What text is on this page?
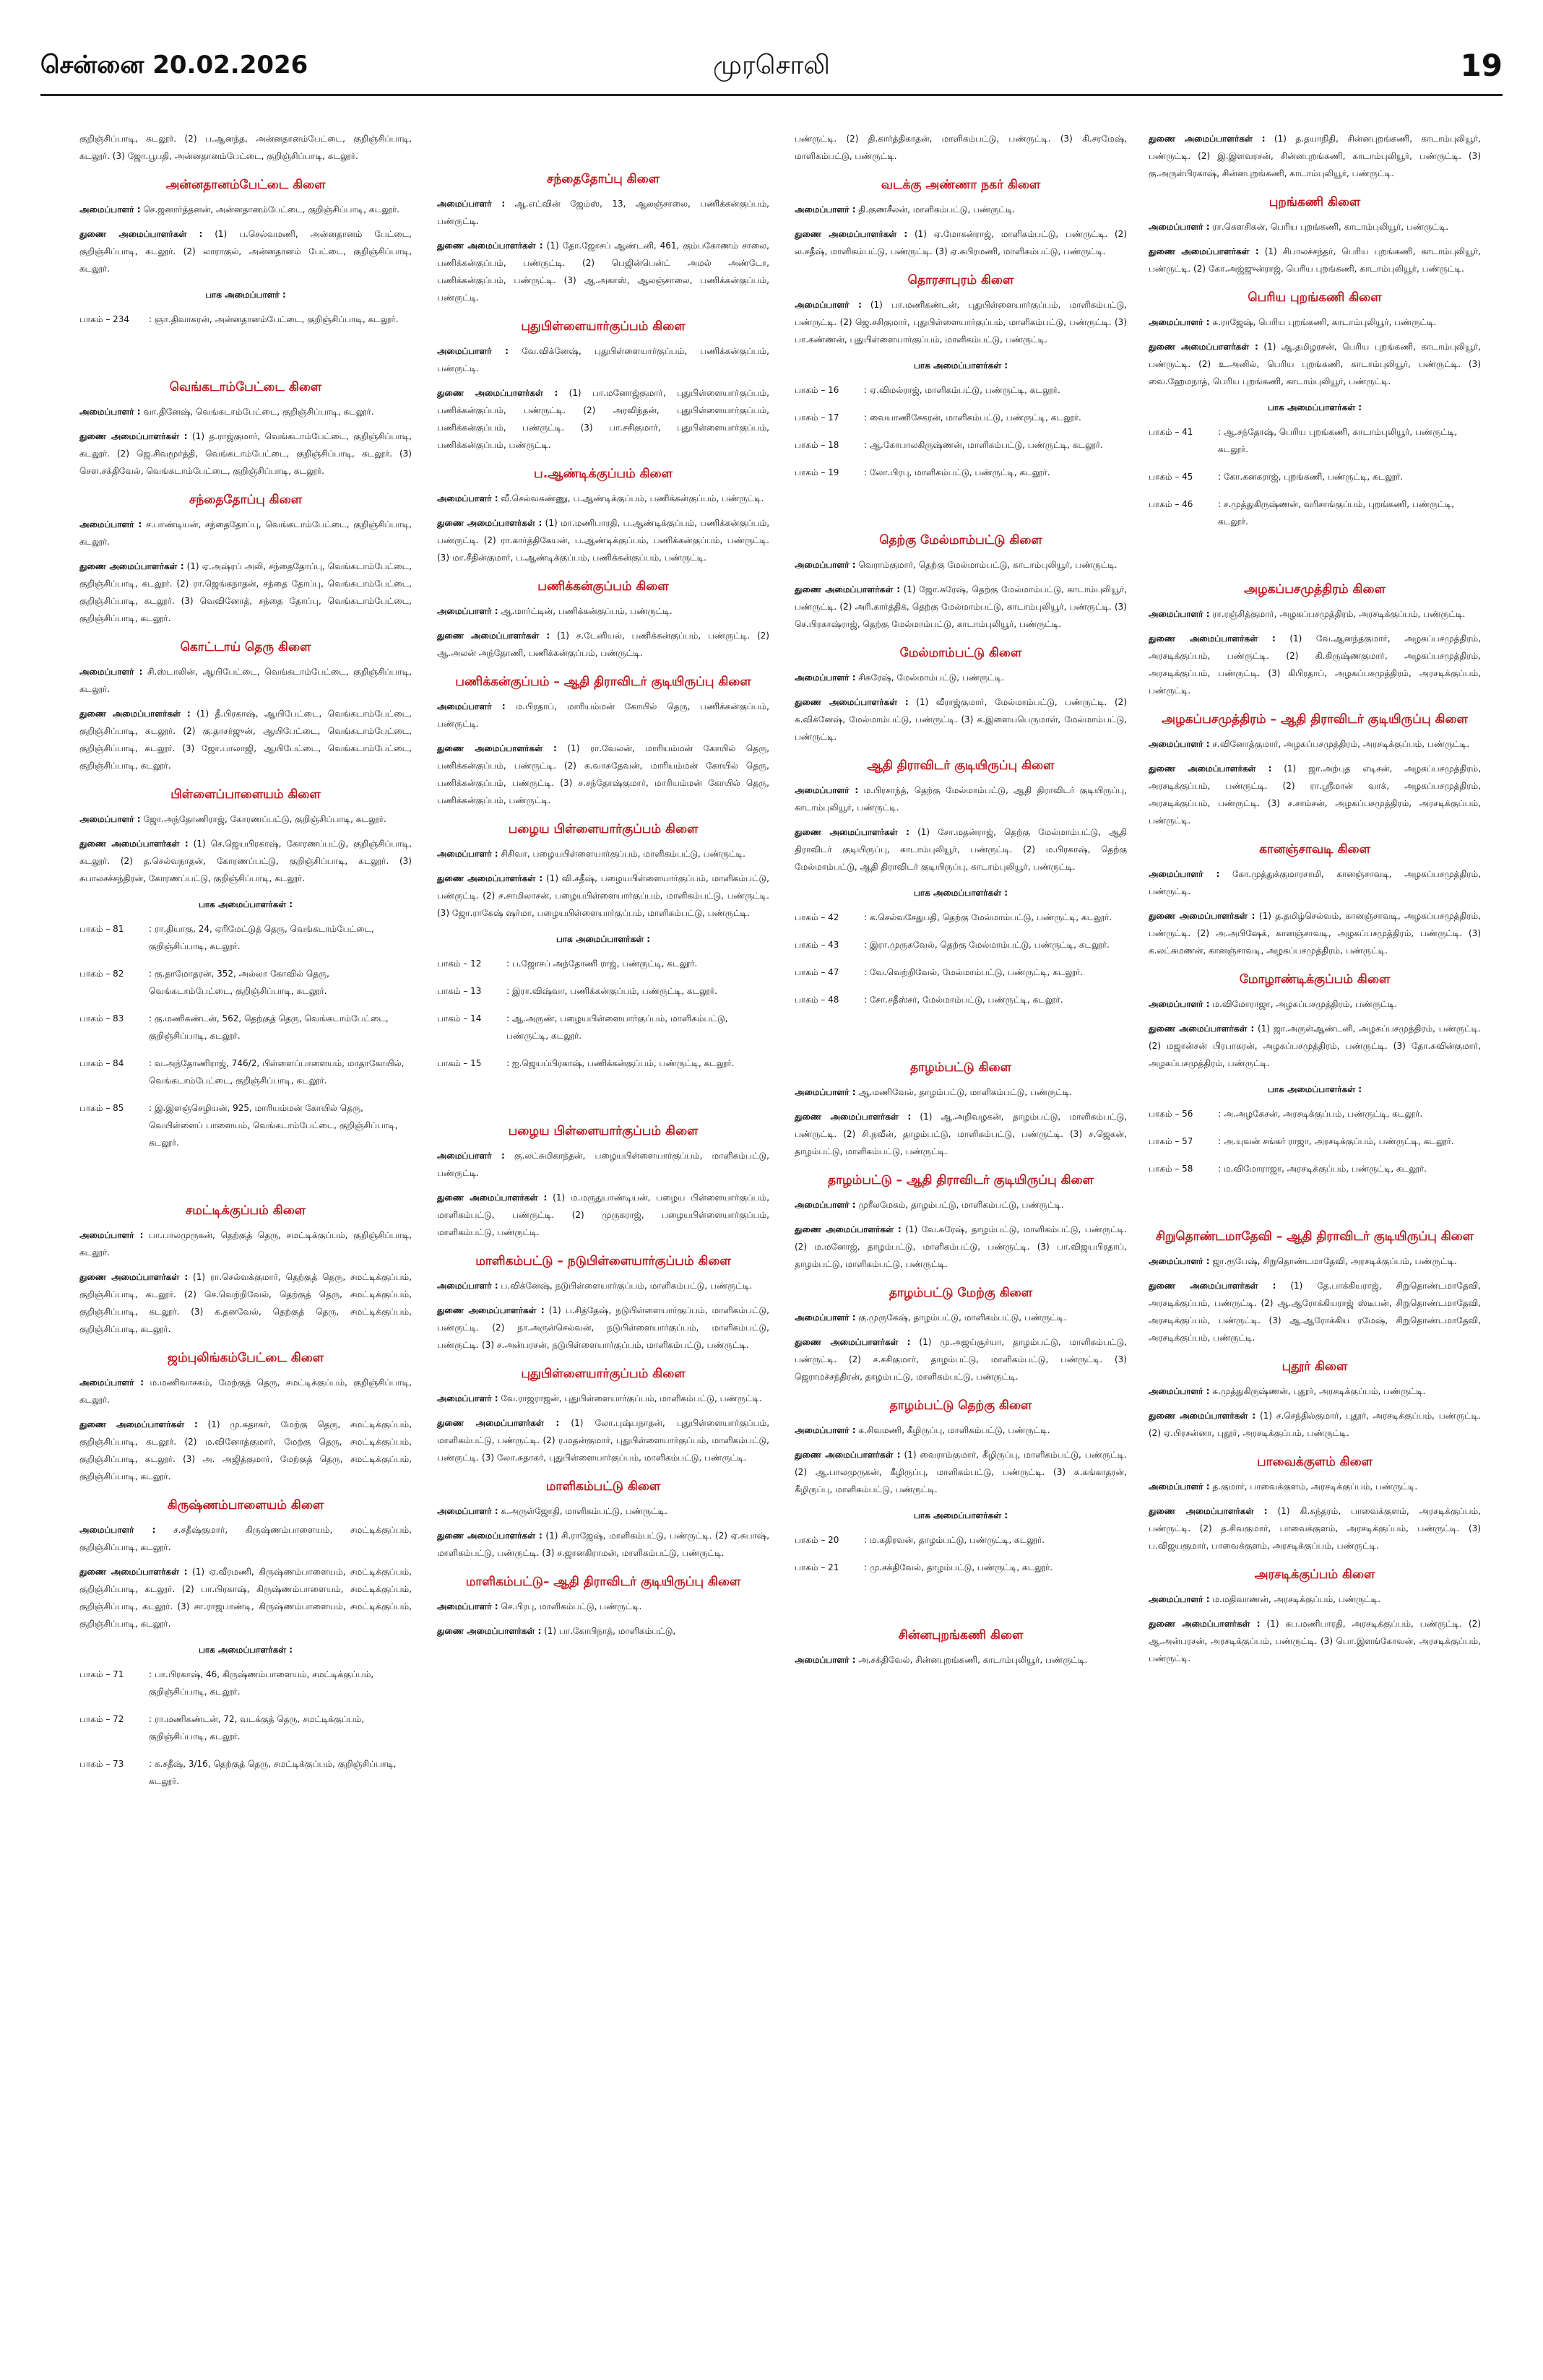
சென்னை 20.02.2026	முரசொலி	19

குறிஞ்சிப்பாடி, கடலூர். (2) ப.ஆனந்த, அன்னதானம்பேட்டை, குறிஞ்சிப்பாடி, கடலூர். (3) ஜோ.பூபதி, அன்னதானம்பேட்டை, குறிஞ்சிப்பாடி, கடலூர்.

அன்னதானம்பேட்டை கிளை

அமைப்பாளர் : செ.ஜனார்த்தனன், அன்னதானம்பேட்டை, குறிஞ்சிப்பாடி, கடலூர்.

துணை அமைப்பாளர்கள் : (1) ப.செல்வமணி, அன்னதானம் பேட்டை, குறிஞ்சிப்பாடி, கடலூர். (2) லாராகுல், அன்னதானம் பேட்டை, குறிஞ்சிப்பாடி, கடலூர்.

பாக அமைப்பாளர் :
பாகம் – 234	: ஞா.திவாகரன், அன்னதானம்பேட்டை, குறிஞ்சிப்பாடி, கடலூர்.
வெங்கடாம்பேட்டை கிளை

அமைப்பாளர் : வா.தினேஷ், வெங்கடாம்பேட்டை, குறிஞ்சிப்பாடி, கடலூர்.

துணை அமைப்பாளர்கள் : (1) த.ராஜ்குமார், வெங்கடாம்பேட்டை, குறிஞ்சிப்பாடி, கடலூர். (2) ஜெ.சிவமூர்த்தி, வெங்கடாம்பேட்டை, குறிஞ்சிப்பாடி, கடலூர். (3) சௌ.சக்திவேல், வெங்கடாம்பேட்டை, குறிஞ்சிப்பாடி, கடலூர்.

சந்தைதோப்பு கிளை

அமைப்பாளர் : ச.பாண்டியன், சந்தைதோப்பு, வெங்கடாம்பேட்டை, குறிஞ்சிப்பாடி, கடலூர்.

துணை அமைப்பாளர்கள் : (1) ஏ.அஷ்ரப் அலி, சந்தைதோப்பு, வெங்கடாம்பேட்டை, குறிஞ்சிப்பாடி, கடலூர். (2) ரா.ஜெங்கநாதன், சந்தை தோப்பு, வெங்கடாம்பேட்டை, குறிஞ்சிப்பாடி, கடலூர். (3) வெவினோத், சந்தை தோப்பு, வெங்கடாம்பேட்டை, குறிஞ்சிப்பாடி, கடலூர்.

கொட்டாய் தெரு கிளை

அமைப்பாளர் : சி.ஸ்டாலின், ஆயிபேட்டை, வெங்கடாம்பேட்டை, குறிஞ்சிப்பாடி, கடலூர்.

துணை அமைப்பாளர்கள் : (1) தீ.பிரகாஷ், ஆயிபேட்டை, வெங்கடாம்பேட்டை, குறிஞ்சிப்பாடி, கடலூர். (2) கு.தாசர்ஜுன், ஆயிபேட்டை, வெங்கடாம்பேட்டை, குறிஞ்சிப்பாடி, கடலூர். (3) ஜோ.பாலாஜி, ஆயிபேட்டை, வெங்கடாம்பேட்டை, குறிஞ்சிப்பாடி, கடலூர்.

பிள்ளைப்பாளையம் கிளை

அமைப்பாளர் : ஜோ.அந்தோணிராஜ், கோரணப்பட்டு, குறிஞ்சிப்பாடி, கடலூர்.

துணை அமைப்பாளர்கள் : (1) செ.ஜெயபிரகாஷ், கோரணப்பட்டு, குறிஞ்சிப்பாடி, கடலூர். (2) த.செல்வநாதன், கோரணப்பட்டு, குறிஞ்சிப்பாடி, கடலூர். (3) சுபாலசச்சந்திரன், கோரணப்பட்டு, குறிஞ்சிப்பாடி, கடலூர்.

பாக அமைப்பாளர்கள் :
பாகம் – 81	: ரா.தியாகு, 24, ஏரிமேட்டுத் தெரு, வெங்கடாம்பேட்டை, குறிஞ்சிப்பாடி, கடலூர்.
பாகம் – 82	: கு.தாமோதரன், 352, அல்லா கோவில் தெரு, வெங்கடாம்பேட்டை, குறிஞ்சிப்பாடி, கடலூர்.
பாகம் – 83	: கு.மணிகண்டன், 562, தெற்குத் தெரு, வெங்கடாம்பேட்டை, குறிஞ்சிப்பாடி, கடலூர்.
பாகம் – 84	: வ.அந்தோணிராஜ், 746/2, பிள்ளைப்பாளையம், மாதாகோயில், வெங்கடாம்பேட்டை, குறிஞ்சிப்பாடி, கடலூர்.
பாகம் – 85	: இ.இளஞ்செழியன், 925, மாரியம்மன் கோயில் தெரு, வெயிள்ளைப் பாளையம், வெங்கடாம்பேட்டை, குறிஞ்சிப்பாடி, கடலூர்.
சமட்டிக்குப்பம் கிளை

அமைப்பாளர் : பா.பாலமுருகன், தெற்குத் தெரு, சமட்டிக்குப்பம், குறிஞ்சிப்பாடி, கடலூர்.

துணை அமைப்பாளர்கள் : (1) ரா.செல்வக்குமார், தெற்குத் தெரு, சமட்டிக்குப்பம், குறிஞ்சிப்பாடி, கடலூர். (2) செ.வெற்றிவேல், தெற்குத் தெரு, சமட்டிக்குப்பம், குறிஞ்சிப்பாடி, கடலூர். (3) க.தனவேல், தெற்குத் தெரு, சமட்டிக்குப்பம், குறிஞ்சிப்பாடி, கடலூர்.

ஜம்புலிங்கம்பேட்டை கிளை

அமைப்பாளர் : ம.மணிவாசகம், மேற்குத் தெரு, சமட்டிக்குப்பம், குறிஞ்சிப்பாடி, கடலூர்.

துணை அமைப்பாளர்கள் : (1) மு.சுதாகர், மேற்கு தெரு, சமட்டிக்குப்பம், குறிஞ்சிப்பாடி, கடலூர். (2) ம.வினோத்குமார், மேற்கு தெரு, சமட்டிக்குப்பம், குறிஞ்சிப்பாடி, கடலூர். (3) அ. அஜித்குமார், மேற்குத் தெரு, சமட்டிக்குப்பம், குறிஞ்சிப்பாடி, கடலூர்.

கிருஷ்ணம்பாளையம் கிளை

அமைப்பாளர் : ச.சதீஷ்குமார், கிருஷ்ணம்பாளையம், சமட்டிக்குப்பம், குறிஞ்சிப்பாடி, கடலூர்.

துணை அமைப்பாளர்கள் : (1) ஏ.வீரமணி, கிருஷ்ணம்பாளையம், சமட்டிக்குப்பம், குறிஞ்சிப்பாடி, கடலூர். (2) பா.பிரகாஷ், கிருஷ்ணம்பாளையம், சமட்டிக்குப்பம், குறிஞ்சிப்பாடி, கடலூர். (3) சா.ராஜபாண்டி, கிருஷ்ணம்பாளையம், சமட்டிக்குப்பம், குறிஞ்சிப்பாடி, கடலூர்.

பாக அமைப்பாளர்கள் :
பாகம் – 71	: பா.பிரகாஷ், 46, கிருஷ்ணம்பாளையம், சமட்டிக்குப்பம், குறிஞ்சிப்பாடி, கடலூர்.
பாகம் – 72	: ரா.மணிகண்டன், 72, வடக்குத் தெரு, சமட்டிக்குப்பம், குறிஞ்சிப்பாடி, கடலூர்.
பாகம் – 73	: க.சதீஷ், 3/16, தெற்குத் தெரு, சமட்டிக்குப்பம், குறிஞ்சிப்பாடி, கடலூர்.
சந்தைதோப்பு கிளை

அமைப்பாளர் : ஆ.எட்வின் ஜேம்ஸ், 13, ஆலஞ்சாலை, பணிக்கன்குப்பம், பண்ருட்டி.

துணை அமைப்பாளர்கள் : (1) தோ.ஜோசப் ஆண்டனி, 461, கும்பகோணம் சாலை, பணிக்கன்குப்பம், பண்ருட்டி. (2) பெஜின்பென்ட் அமல் அண்டோ, பணிக்கன்குப்பம், பண்ருட்டி. (3) ஆ.அகாஸ், ஆலஞ்சாலை, பணிக்கன்குப்பம், பண்ருட்டி.

புதுபிள்ளையார்குப்பம் கிளை

அமைப்பாளர் : வே.விக்னேஷ், புதுபிள்ளையார்குப்பம், பணிக்கன்குப்பம், பண்ருட்டி.

துணை அமைப்பாளர்கள் : (1) பா.மனோஜ்குமார், புதுபிள்ளையார்குப்பம், பணிக்கன்குப்பம், பண்ருட்டி. (2) அரவிந்தன், புதுபிள்ளையார்குப்பம், பணிக்கன்குப்பம், பண்ருட்டி. (3) பா.சசிகுமார், புதுபிள்ளையார்குப்பம், பணிக்கன்குப்பம், பண்ருட்டி.

ப.ஆண்டிக்குப்பம் கிளை

அமைப்பாளர் : வீ.செல்வகண்ணு, ப.ஆண்டிக்குப்பம், பணிக்கன்குப்பம், பண்ருட்டி.

துணை அமைப்பாளர்கள் : (1) மா.மணிபாரதி, ப.ஆண்டிக்குப்பம், பணிக்கன்குப்பம், பண்ருட்டி. (2) ரா.கார்த்திகேயன், ப.ஆண்டிக்குப்பம், பணிக்கன்குப்பம், பண்ருட்டி. (3) மா.சீதின்குமார், ப.ஆண்டிக்குப்பம், பணிக்கன்குப்பம், பண்ருட்டி.

பணிக்கன்குப்பம் கிளை

அமைப்பாளர் : ஆ.மார்ட்டின், பணிக்கன்குப்பம், பண்ருட்டி.

துணை அமைப்பாளர்கள் : (1) ச.டேனியல், பணிக்கன்குப்பம், பண்ருட்டி. (2) ஆ.அலன் அந்தோணி, பணிக்கன்குப்பம், பண்ருட்டி.

பணிக்கன்குப்பம் – ஆதி திராவிடர் குடியிருப்பு கிளை

அமைப்பாளர் : ம.பிரதாப், மாரியம்மன் கோயில் தெரு, பணிக்கன்குப்பம், பண்ருட்டி.

துணை அமைப்பாளர்கள் : (1) ரா.வேலன், மாரியம்மன் கோயில் தெரு, பணிக்கன்குப்பம், பண்ருட்டி. (2) க.வாசுதேவன், மாரியம்மன் கோயில் தெரு, பணிக்கன்குப்பம், பண்ருட்டி. (3) ச.சந்தோஷ்குமார், மாரியம்மன் கோயில் தெரு, பணிக்கன்குப்பம், பண்ருட்டி.

பழைய பிள்ளையார்குப்பம் கிளை

அமைப்பாளர் : சிசிவா, பழையபிள்ளையார்குப்பம், மாளிகம்பட்டு, பண்ருட்டி.

துணை அமைப்பாளர்கள் : (1) வி.சதீஷ், பழையபிள்ளையார்குப்பம், மாளிகம்பட்டு, பண்ருட்டி. (2) ச.சாமிலாசன், பழையபிள்ளையார்குப்பம், மாளிகம்பட்டு, பண்ருட்டி. (3) ஜோ.ராகேஷ் ஷர்மா, பழையபிள்ளையார்குப்பம், மாளிகம்பட்டு, பண்ருட்டி.

பாக அமைப்பாளர்கள் :
பாகம் – 12	: ப.ஜோசப் அந்தோணி ராஜ், பண்ருட்டி, கடலூர்.
பாகம் – 13	: இரா.விஷ்வா, பணிக்கன்குப்பம், பண்ருட்டி, கடலூர்.
பாகம் – 14	: ஆ.அருண், பழையபிள்ளையார்குப்பம், மாளிகம்பட்டு, பண்ருட்டி, கடலூர்.
பாகம் – 15	: ஐ.ஜெயப்பிரகாஷ், பணிக்கன்குப்பம், பண்ருட்டி, கடலூர்.
பழைய பிள்ளையார்குப்பம் கிளை

அமைப்பாளர் : கு.லட்சுமிகாந்தன், பழையபிள்ளையார்குப்பம், மாளிகம்பட்டு, பண்ருட்டி.

துணை அமைப்பாளர்கள் : (1) ம.மருதுபாண்டியன், பழைய பிள்ளையார்குப்பம், மாளிகம்பட்டு, பண்ருட்டி. (2) முருகராஜ், பழையபிள்ளையார்குப்பம், மாளிகம்பட்டு, பண்ருட்டி.

மாளிகம்பட்டு – நடுபிள்ளையார்குப்பம் கிளை

அமைப்பாளர் : ப.விக்னேஷ், நடுபிள்ளையார்குப்பம், மாளிகம்பட்டு, பண்ருட்டி.

துணை அமைப்பாளர்கள் : (1) ப.சித்தேஷ், நடுபிள்ளையார்குப்பம், மாளிகம்பட்டு, பண்ருட்டி. (2) நா.அருள்செல்வன், நடுபிள்ளையார்குப்பம், மாளிகம்பட்டு, பண்ருட்டி. (3) ச.அன்பரசன், நடுபிள்ளையார்குப்பம், மாளிகம்பட்டு, பண்ருட்டி.

புதுபிள்ளையார்குப்பம் கிளை

அமைப்பாளர் : வே.ராஜராஜன், புதுபிள்ளையார்குப்பம், மாளிகம்பட்டு, பண்ருட்டி.

துணை அமைப்பாளர்கள் : (1) லோ.புஷ்பநாதன், புதுபிள்ளையார்குப்பம், மாளிகம்பட்டு, பண்ருட்டி. (2) ர.மதன்குமார், புதுபிள்ளையார்குப்பம், மாளிகம்பட்டு, பண்ருட்டி. (3) லோ.சுதாகர், புதுபிள்ளையார்குப்பம், மாளிகம்பட்டு, பண்ருட்டி.

மாளிகம்பட்டு கிளை

அமைப்பாளர் : க.அருள்ஜோதி, மாளிகம்பட்டு, பண்ருட்டி.

துணை அமைப்பாளர்கள் : (1) சி.ராஜேஷ், மாளிகம்பட்டு, பண்ருட்டி. (2) ஏ.சுபாஷ், மாளிகம்பட்டு, பண்ருட்டி. (3) ச.ஜானகிராமன், மாளிகம்பட்டு, பண்ருட்டி.

மாளிகம்பட்டு– ஆதி திராவிடர் குடியிருப்பு கிளை

அமைப்பாளர் : செ.பிரபு, மாளிகம்பட்டு, பண்ருட்டி.

துணை அமைப்பாளர்கள் : (1) பா.கோபிநாத், மாளிகம்பட்டு,

பண்ருட்டி. (2) தி.கார்த்திகாதன், மாளிகம்பட்டு, பண்ருட்டி. (3) கி.சரமேஷ், மாளிகம்பட்டு, பண்ருட்டி.

வடக்கு அண்ணா நகர் கிளை

அமைப்பாளர் : தி.குணசீலன், மாளிகம்பட்டு, பண்ருட்டி.

துணை அமைப்பாளர்கள் : (1) ஏ.மோகன்ராஜ், மாளிகம்பட்டு, பண்ருட்டி. (2) ல.சதீஷ், மாளிகம்பட்டு, பண்ருட்டி. (3) ஏ.சுபிரமணி, மாளிகம்பட்டு, பண்ருட்டி.

தொரசாபுரம் கிளை

அமைப்பாளர் : (1) பா.மணிகண்டன், புதுபிள்ளையார்குப்பம், மாளிகம்பட்டு, பண்ருட்டி. (2) ஜெ.சசிகுமார், புதுபிள்ளையார்குப்பம், மாளிகம்பட்டு, பண்ருட்டி. (3) பா.கண்ணன், புதுபிள்ளையார்குப்பம், மாளிகம்பட்டு, பண்ருட்டி.

பாக அமைப்பாளர்கள் :
பாகம் – 16	: ஏ.விமல்ராஜ், மாளிகம்பட்டு, பண்ருட்டி, கடலூர்.
பாகம் – 17	: வையாணிசேகரன், மாளிகம்பட்டு, பண்ருட்டி, கடலூர்.
பாகம் – 18	: ஆ.கோபாலகிருஷ்ணன், மாளிகம்பட்டு, பண்ருட்டி, கடலூர்.
பாகம் – 19	: லோ.பிரபு, மாளிகம்பட்டு, பண்ருட்டி, கடலூர்.
தெற்கு மேல்மாம்பட்டு கிளை

அமைப்பாளர் : வெராம்குமார், தெற்கு மேல்மாம்பட்டு, காடாம்புலியூர், பண்ருட்டி.

துணை அமைப்பாளர்கள் : (1) ஜோ.சுரேஷ், தெற்கு மேல்மாம்பட்டு, காடாம்புலியூர், பண்ருட்டி. (2) அரி.கார்த்திக், தெற்கு மேல்மாம்பட்டு, காடாம்புலியூர், பண்ருட்டி. (3) செ.பிரகாஷ்ராஜ், தெற்கு மேல்மாம்பட்டு, காடாம்புலியூர், பண்ருட்டி.

மேல்மாம்பட்டு கிளை

அமைப்பாளர் : சிசுரேஷ், மேல்மாம்பட்டு, பண்ருட்டி.

துணை அமைப்பாளர்கள் : (1) வீராஜ்குமார், மேல்மாம்பட்டு, பண்ருட்டி. (2) க.விக்னேஷ், மேல்மாம்பட்டு, பண்ருட்டி. (3) க.இளையபெருமாள், மேல்மாம்பட்டு, பண்ருட்டி.

ஆதி திராவிடர் குடியிருப்பு கிளை

அமைப்பாளர் : ம.பிரசாந்த், தெற்கு மேல்மாம்பட்டு, ஆதி திராவிடர் குடியிருப்பு, காடாம்புலியூர், பண்ருட்டி.

துணை அமைப்பாளர்கள் : (1) சோ.மதன்ராஜ், தெற்கு மேல்மாம்பட்டு, ஆதி திராவிடர் குடியிருப்பு, காடாம்புலியூர், பண்ருட்டி. (2) ம.பிரகாஷ், தெற்கு மேல்மாம்பட்டு, ஆதி திராவிடர் குடியிருப்பு, காடாம்புலியூர், பண்ருட்டி.

பாக அமைப்பாளர்கள் :
பாகம் – 42	: க.செல்வசேதுபதி, தெற்கு மேல்மாம்பட்டு, பண்ருட்டி, கடலூர்.
பாகம் – 43	: இரா.முருகவேல், தெற்கு மேல்மாம்பட்டு, பண்ருட்டி, கடலூர்.
பாகம் – 47	: வே.வெற்றிவேல், மேல்மாம்பட்டு, பண்ருட்டி, கடலூர்.
பாகம் – 48	: சோ.சதீஸ்சர், மேல்மாம்பட்டு, பண்ருட்டி, கடலூர்.
தாழம்பட்டு கிளை

அமைப்பாளர் : ஆ.மணிவேல், தாழம்பட்டு, மாளிகம்பட்டு, பண்ருட்டி.

துணை அமைப்பாளர்கள் : (1) ஆ.அறிவழகன், தாழம்பட்டு, மாளிகம்பட்டு, பண்ருட்டி. (2) சி.நவீன், தாழம்பட்டு, மாளிகம்பட்டு, பண்ருட்டி. (3) ச.ஜெகன், தாழம்பட்டு, மாளிகம்பட்டு, பண்ருட்டி.

தாழம்பட்டு – ஆதி திராவிடர் குடியிருப்பு கிளை

அமைப்பாளர் : முரீலமேகம், தாழம்பட்டு, மாளிகம்பட்டு, பண்ருட்டி.

துணை அமைப்பாளர்கள் : (1) வே.சுரேஷ், தாழம்பட்டு, மாளிகம்பட்டு, பண்ருட்டி. (2) ம.மனோஜ், தாழம்பட்டு, மாளிகம்பட்டு, பண்ருட்டி. (3) பா.விஜயபிரதாப், தாழம்பட்டு, மாளிகம்பட்டு, பண்ருட்டி.

தாழம்பட்டு மேற்கு கிளை

அமைப்பாளர் : கு.முருகேஷ், தாழம்பட்டு, மாளிகம்பட்டு, பண்ருட்டி.

துணை அமைப்பாளர்கள் : (1) மு.அஜய்சூர்யா, தாழம்பட்டு, மாளிகம்பட்டு, பண்ருட்டி. (2) ச.சசிகுமார், தாழம்பட்டு, மாளிகம்பட்டு, பண்ருட்டி. (3) ஜெராமச்சந்திரன், தாழம்பட்டு, மாளிகம்பட்டு, பண்ருட்டி.

தாழம்பட்டு தெற்கு கிளை

அமைப்பாளர் : க.சிவமணி, கீழிருப்பு, மாளிகம்பட்டு, பண்ருட்டி.

துணை அமைப்பாளர்கள் : (1) வைராம்குமார், கீழிருப்பு, மாளிகம்பட்டு, பண்ருட்டி. (2) ஆ.பாலமுருகன், கீழிருப்பு, மாளிகம்பட்டு, பண்ருட்டி. (3) க.கங்காதரன், கீழிருப்பு, மாளிகம்பட்டு, பண்ருட்டி.

பாக அமைப்பாளர்கள் :
பாகம் – 20	: ம.கதிரவன், தாழம்பட்டு, பண்ருட்டி, கடலூர்.
பாகம் – 21	: மு.சக்திவேல், தாழம்பட்டு, பண்ருட்டி, கடலூர்.
சின்னபுறங்கணி கிளை

அமைப்பாளர் : அ.சக்திவேல், சின்னபுறங்கணி, காடாம்புலியூர், பண்ருட்டி.

துணை அமைப்பாளர்கள் : (1) த.தயாநிதி, சின்னபுறங்கணி, காடாம்புலியூர், பண்ருட்டி. (2) இ.இளவரசன், சின்னபுறங்கணி, காடாம்புலியூர், பண்ருட்டி. (3) கு.அருள்பிரகாஷ், சின்னபுறங்கணி, காடாம்புலியூர், பண்ருட்டி.

புறங்கணி கிளை

அமைப்பாளர் : ரா.கௌசிகன், பெரிய புறங்கணி, காடாம்புலியூர், பண்ருட்டி.

துணை அமைப்பாளர்கள் : (1) சிபாலச்சந்தர், பெரிய புறங்கணி, காடாம்புலியூர், பண்ருட்டி. (2) கோ.அஜ்ஜுன்ராஜ், பெரிய புறங்கணி, காடாம்புலியூர், பண்ருட்டி.

பெரிய புறங்கணி கிளை

அமைப்பாளர் : சு.ராஜேஷ், பெரிய புறங்கணி, காடாம்புலியூர், பண்ருட்டி.

துணை அமைப்பாளர்கள் : (1) ஆ.தமிழரசன், பெரிய புறங்கணி, காடாம்புலியூர், பண்ருட்டி. (2) உ.அனில், பெரிய புறங்கணி, காடாம்புலியூர், பண்ருட்டி. (3) வை.ஹேமநாத், பெரிய புறங்கணி, காடாம்புலியூர், பண்ருட்டி.

பாக அமைப்பாளர்கள் :
பாகம் – 41	: ஆ.சந்தோஷ், பெரிய புறங்கணி, காடாம்புலியூர், பண்ருட்டி, கடலூர்.
பாகம் – 45	: கோ.கனகராஜ், புறங்கணி, பண்ருட்டி, கடலூர்.
பாகம் – 46	: ச.முத்துகிருஷ்ணன், வரிசாங்குப்பம், புறங்கணி, பண்ருட்டி, கடலூர்.
அழகப்பசமுத்திரம் கிளை

அமைப்பாளர் : ரா.ரஞ்சித்குமார், அழகப்பசமுத்திரம், அரசடிக்குப்பம், பண்ருட்டி.

துணை அமைப்பாளர்கள் : (1) வே.ஆனந்தகுமார், அழகப்பசமுத்திரம், அரசடிக்குப்பம், பண்ருட்டி. (2) கி.கிருஷ்ணகுமார், அழகப்பசமுத்திரம், அரசடிக்குப்பம், பண்ருட்டி. (3) கிபிரதாப், அழகப்பசமுத்திரம், அரசடிக்குப்பம், பண்ருட்டி.

அழகப்பசமுத்திரம் – ஆதி திராவிடர் குடியிருப்பு கிளை

அமைப்பாளர் : ச.வினோத்குமார், அழகப்பசமுத்திரம், அரசடிக்குப்பம், பண்ருட்டி.

துணை அமைப்பாளர்கள் : (1) ஜா.அற்புத எடிசன், அழகப்பசமுத்திரம், அரசடிக்குப்பம், பண்ருட்டி. (2) ரா.ஸ்ரீமான் வாக், அழகப்பசமுத்திரம், அரசடிக்குப்பம், பண்ருட்டி. (3) ச.சாம்சன், அழகப்பசமுத்திரம், அரசடிக்குப்பம், பண்ருட்டி.

கானஞ்சாவடி கிளை

அமைப்பாளர் : கோ.முத்துக்குமாரசாமி, கானஞ்சாவடி, அழகப்பசமுத்திரம், பண்ருட்டி.

துணை அமைப்பாளர்கள் : (1) த.தமிழ்செல்வம், கானஞ்சாவடி, அழகப்பசமுத்திரம், பண்ருட்டி. (2) அ.அபிஷேக், கானஞ்சாவடி, அழகப்பசமுத்திரம், பண்ருட்டி. (3) க.லட்சுமணன், கானஞ்சாவடி, அழகப்பசமுத்திரம், பண்ருட்டி.

மோழாண்டிக்குப்பம் கிளை

அமைப்பாளர் : ம.விமோராஜா, அழகப்பசமுத்திரம், பண்ருட்டி.

துணை அமைப்பாளர்கள் : (1) ஜா.அருள்ஆண்டனி, அழகப்பசமுத்திரம், பண்ருட்டி. (2) மஜான்சன் பிரபாகரன், அழகப்பசமுத்திரம், பண்ருட்டி. (3) தோ.சுவின்குமார், அழகப்பசமுத்திரம், பண்ருட்டி.

பாக அமைப்பாளர்கள் :
பாகம் – 56	: அ.அழகேசன், அரசடிக்குப்பம், பண்ருட்டி, கடலூர்.
பாகம் – 57	: அ.யுவன் சங்கர் ராஜா, அரசடிக்குப்பம், பண்ருட்டி, கடலூர்.
பாகம் – 58	: ம.விமோராஜா, அரசடிக்குப்பம், பண்ருட்டி, கடலூர்.
சிறுதொண்டமாதேவி – ஆதி திராவிடர் குடியிருப்பு கிளை

அமைப்பாளர் : ஜா.ரூபேஷ், சிறுதொண்டமாதேவி, அரசடிக்குப்பம், பண்ருட்டி.

துணை அமைப்பாளர்கள் : (1) தே.பாக்கியராஜ், சிறுதொண்டமாதேவி, அரசடிக்குப்பம், பண்ருட்டி. (2) ஆ.ஆரோக்கியராஜ் ஸ்டீபன், சிறுதொண்டமாதேவி, அரசடிக்குப்பம், பண்ருட்டி. (3) ஆ.ஆரோக்கிய ரமேஷ், சிறுதொண்டமாதேவி, அரசடிக்குப்பம், பண்ருட்டி.

புதூர் கிளை

அமைப்பாளர் : சு.முத்துகிருஷ்ணன், புதூர், அரசடிக்குப்பம், பண்ருட்டி.

துணை அமைப்பாளர்கள் : (1) ச.செந்தில்குமார், புதூர், அரசடிக்குப்பம், பண்ருட்டி. (2) ஏ.பிரசன்னா, புதூர், அரசடிக்குப்பம், பண்ருட்டி.

பாவைக்குளம் கிளை

அமைப்பாளர் : த.குமார், பாவைக்குளம், அரசடிக்குப்பம், பண்ருட்டி.

துணை அமைப்பாளர்கள் : (1) கி.சுந்தரம், பாவைக்குளம், அரசடிக்குப்பம், பண்ருட்டி. (2) த.சிவகுமார், பாவைக்குளம், அரசடிக்குப்பம், பண்ருட்டி. (3) ப.விஜயகுமார், பாவைக்குளம், அரசடிக்குப்பம், பண்ருட்டி.

அரசடிக்குப்பம் கிளை

அமைப்பாளர் : ம.மதிவாணன், அரசடிக்குப்பம், பண்ருட்டி.

துணை அமைப்பாளர்கள் : (1) சுப.மணிபாரதி, அரசடிக்குப்பம், பண்ருட்டி. (2) ஆ.அன்பரசன், அரசடிக்குப்பம், பண்ருட்டி. (3) பொ.இளங்கோவன், அரசடிக்குப்பம், பண்ருட்டி.
